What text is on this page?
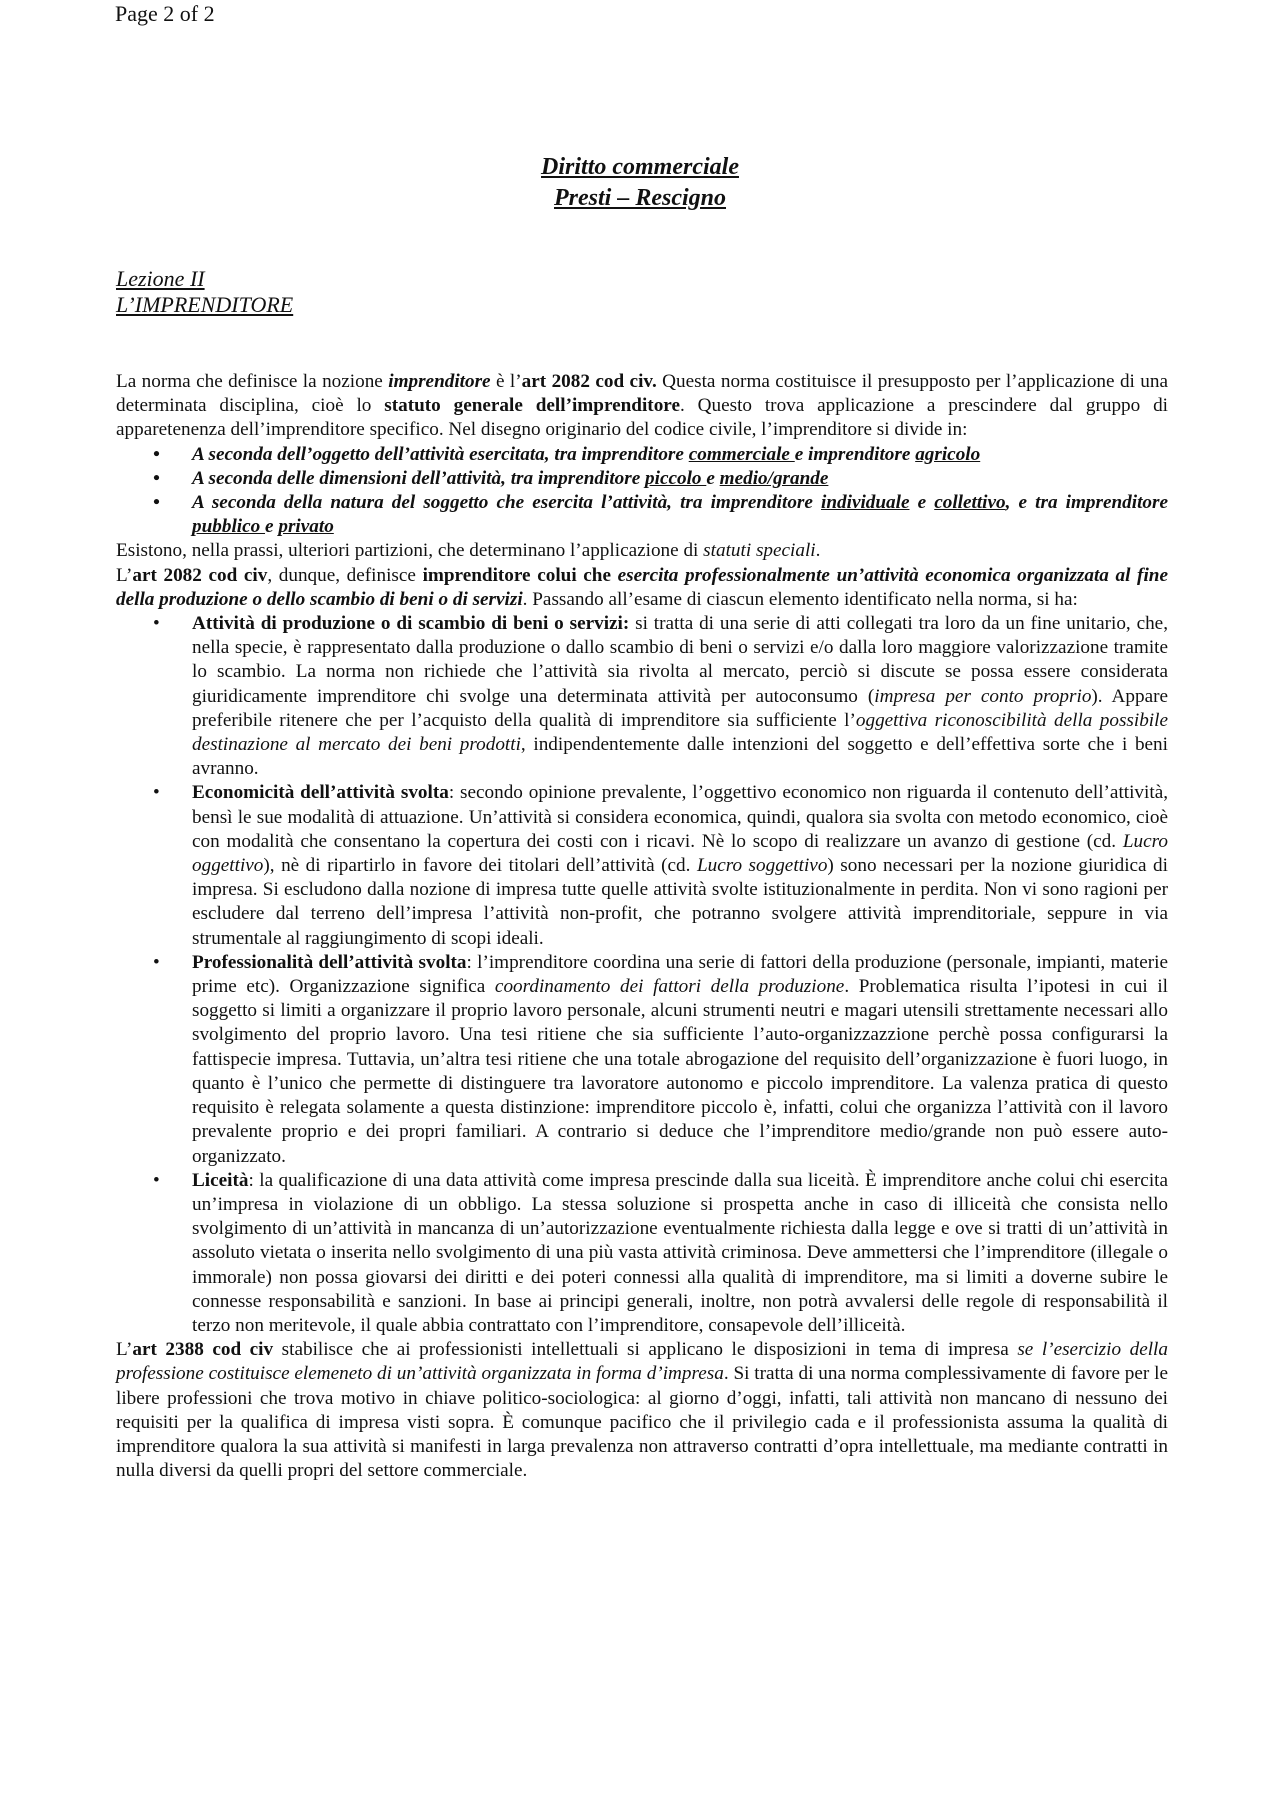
Page 2 of 2
Diritto commerciale
Presti – Rescigno
Lezione II
L’IMPRENDITORE

La norma che definisce la nozione imprenditore è l’art 2082 cod civ. Questa norma costituisce il presupposto per l’applicazione di una determinata disciplina, cioè lo statuto generale dell’imprenditore. Questo trova applicazione a prescindere dal gruppo di apparetenenza dell’imprenditore specifico. Nel disegno originario del codice civile, l’imprenditore si divide in:

• A seconda dell’oggetto dell’attività esercitata, tra imprenditore commerciale e imprenditore agricolo
• A seconda delle dimensioni dell’attività, tra imprenditore piccolo e medio/grande
• A seconda della natura del soggetto che esercita l’attività, tra imprenditore individuale e collettivo, e tra imprenditore pubblico e privato

Esistono, nella prassi, ulteriori partizioni, che determinano l’applicazione di statuti speciali.

L’art 2082 cod civ, dunque, definisce imprenditore colui che esercita professionalmente un’attività economica organizzata al fine della produzione o dello scambio di beni o di servizi. Passando all’esame di ciascun elemento identificato nella norma, si ha:

• Attività di produzione o di scambio di beni o servizi: si tratta di una serie di atti collegati tra loro da un fine unitario, che, nella specie, è rappresentato dalla produzione o dallo scambio di beni o servizi e/o dalla loro maggiore valorizzazione tramite lo scambio. La norma non richiede che l’attività sia rivolta al mercato, perciò si discute se possa essere considerata giuridicamente imprenditore chi svolge una determinata attività per autoconsumo (impresa per conto proprio). Appare preferibile ritenere che per l’acquisto della qualità di imprenditore sia sufficiente l’oggettiva riconoscibilità della possibile destinazione al mercato dei beni prodotti, indipendentemente dalle intenzioni del soggetto e dell’effettiva sorte che i beni avranno.
• Economicità dell’attività svolta: secondo opinione prevalente, l’oggettivo economico non riguarda il contenuto dell’attività, bensì le sue modalità di attuazione. Un’attività si considera economica, quindi, qualora sia svolta con metodo economico, cioè con modalità che consentano la copertura dei costi con i ricavi. Nè lo scopo di realizzare un avanzo di gestione (cd. Lucro oggettivo), nè di ripartirlo in favore dei titolari dell’attività (cd. Lucro soggettivo) sono necessari per la nozione giuridica di impresa. Si escludono dalla nozione di impresa tutte quelle attività svolte istituzionalmente in perdita. Non vi sono ragioni per escludere dal terreno dell’impresa l’attività non-profit, che potranno svolgere attività imprenditoriale, seppure in via strumentale al raggiungimento di scopi ideali.
• Professionalità dell’attività svolta: l’imprenditore coordina una serie di fattori della produzione (personale, impianti, materie prime etc). Organizzazione significa coordinamento dei fattori della produzione. Problematica risulta l’ipotesi in cui il soggetto si limiti a organizzare il proprio lavoro personale, alcuni strumenti neutri e magari utensili strettamente necessari allo svolgimento del proprio lavoro. Una tesi ritiene che sia sufficiente l’auto-organizzazzione perchè possa configurarsi la fattispecie impresa. Tuttavia, un’altra tesi ritiene che una totale abrogazione del requisito dell’organizzazione è fuori luogo, in quanto è l’unico che permette di distinguere tra lavoratore autonomo e piccolo imprenditore. La valenza pratica di questo requisito è relegata solamente a questa distinzione: imprenditore piccolo è, infatti, colui che organizza l’attività con il lavoro prevalente proprio e dei propri familiari. A contrario si deduce che l’imprenditore medio/grande non può essere auto-organizzato.
• Liceità: la qualificazione di una data attività come impresa prescinde dalla sua liceità. È imprenditore anche colui chi esercita un’impresa in violazione di un obbligo. La stessa soluzione si prospetta anche in caso di illiceità che consista nello svolgimento di un’attività in mancanza di un’autorizzazione eventualmente richiesta dalla legge e ove si tratti di un’attività in assoluto vietata o inserita nello svolgimento di una più vasta attività criminosa. Deve ammettersi che l’imprenditore (illegale o immorale) non possa giovarsi dei diritti e dei poteri connessi alla qualità di imprenditore, ma si limiti a doverne subire le connesse responsabilità e sanzioni. In base ai principi generali, inoltre, non potrà avvalersi delle regole di responsabilità il terzo non meritevole, il quale abbia contrattato con l’imprenditore, consapevole dell’illiceità.

L’art 2388 cod civ stabilisce che ai professionisti intellettuali si applicano le disposizioni in tema di impresa se l’esercizio della professione costituisce elemeneto di un’attività organizzata in forma d’impresa. Si tratta di una norma complessivamente di favore per le libere professioni che trova motivo in chiave politico-sociologica: al giorno d’oggi, infatti, tali attività non mancano di nessuno dei requisiti per la qualifica di impresa visti sopra. È comunque pacifico che il privilegio cada e il professionista assuma la qualità di imprenditore qualora la sua attività si manifesti in larga prevalenza non attraverso contratti d’opra intellettuale, ma mediante contratti in nulla diversi da quelli propri del settore commerciale.
